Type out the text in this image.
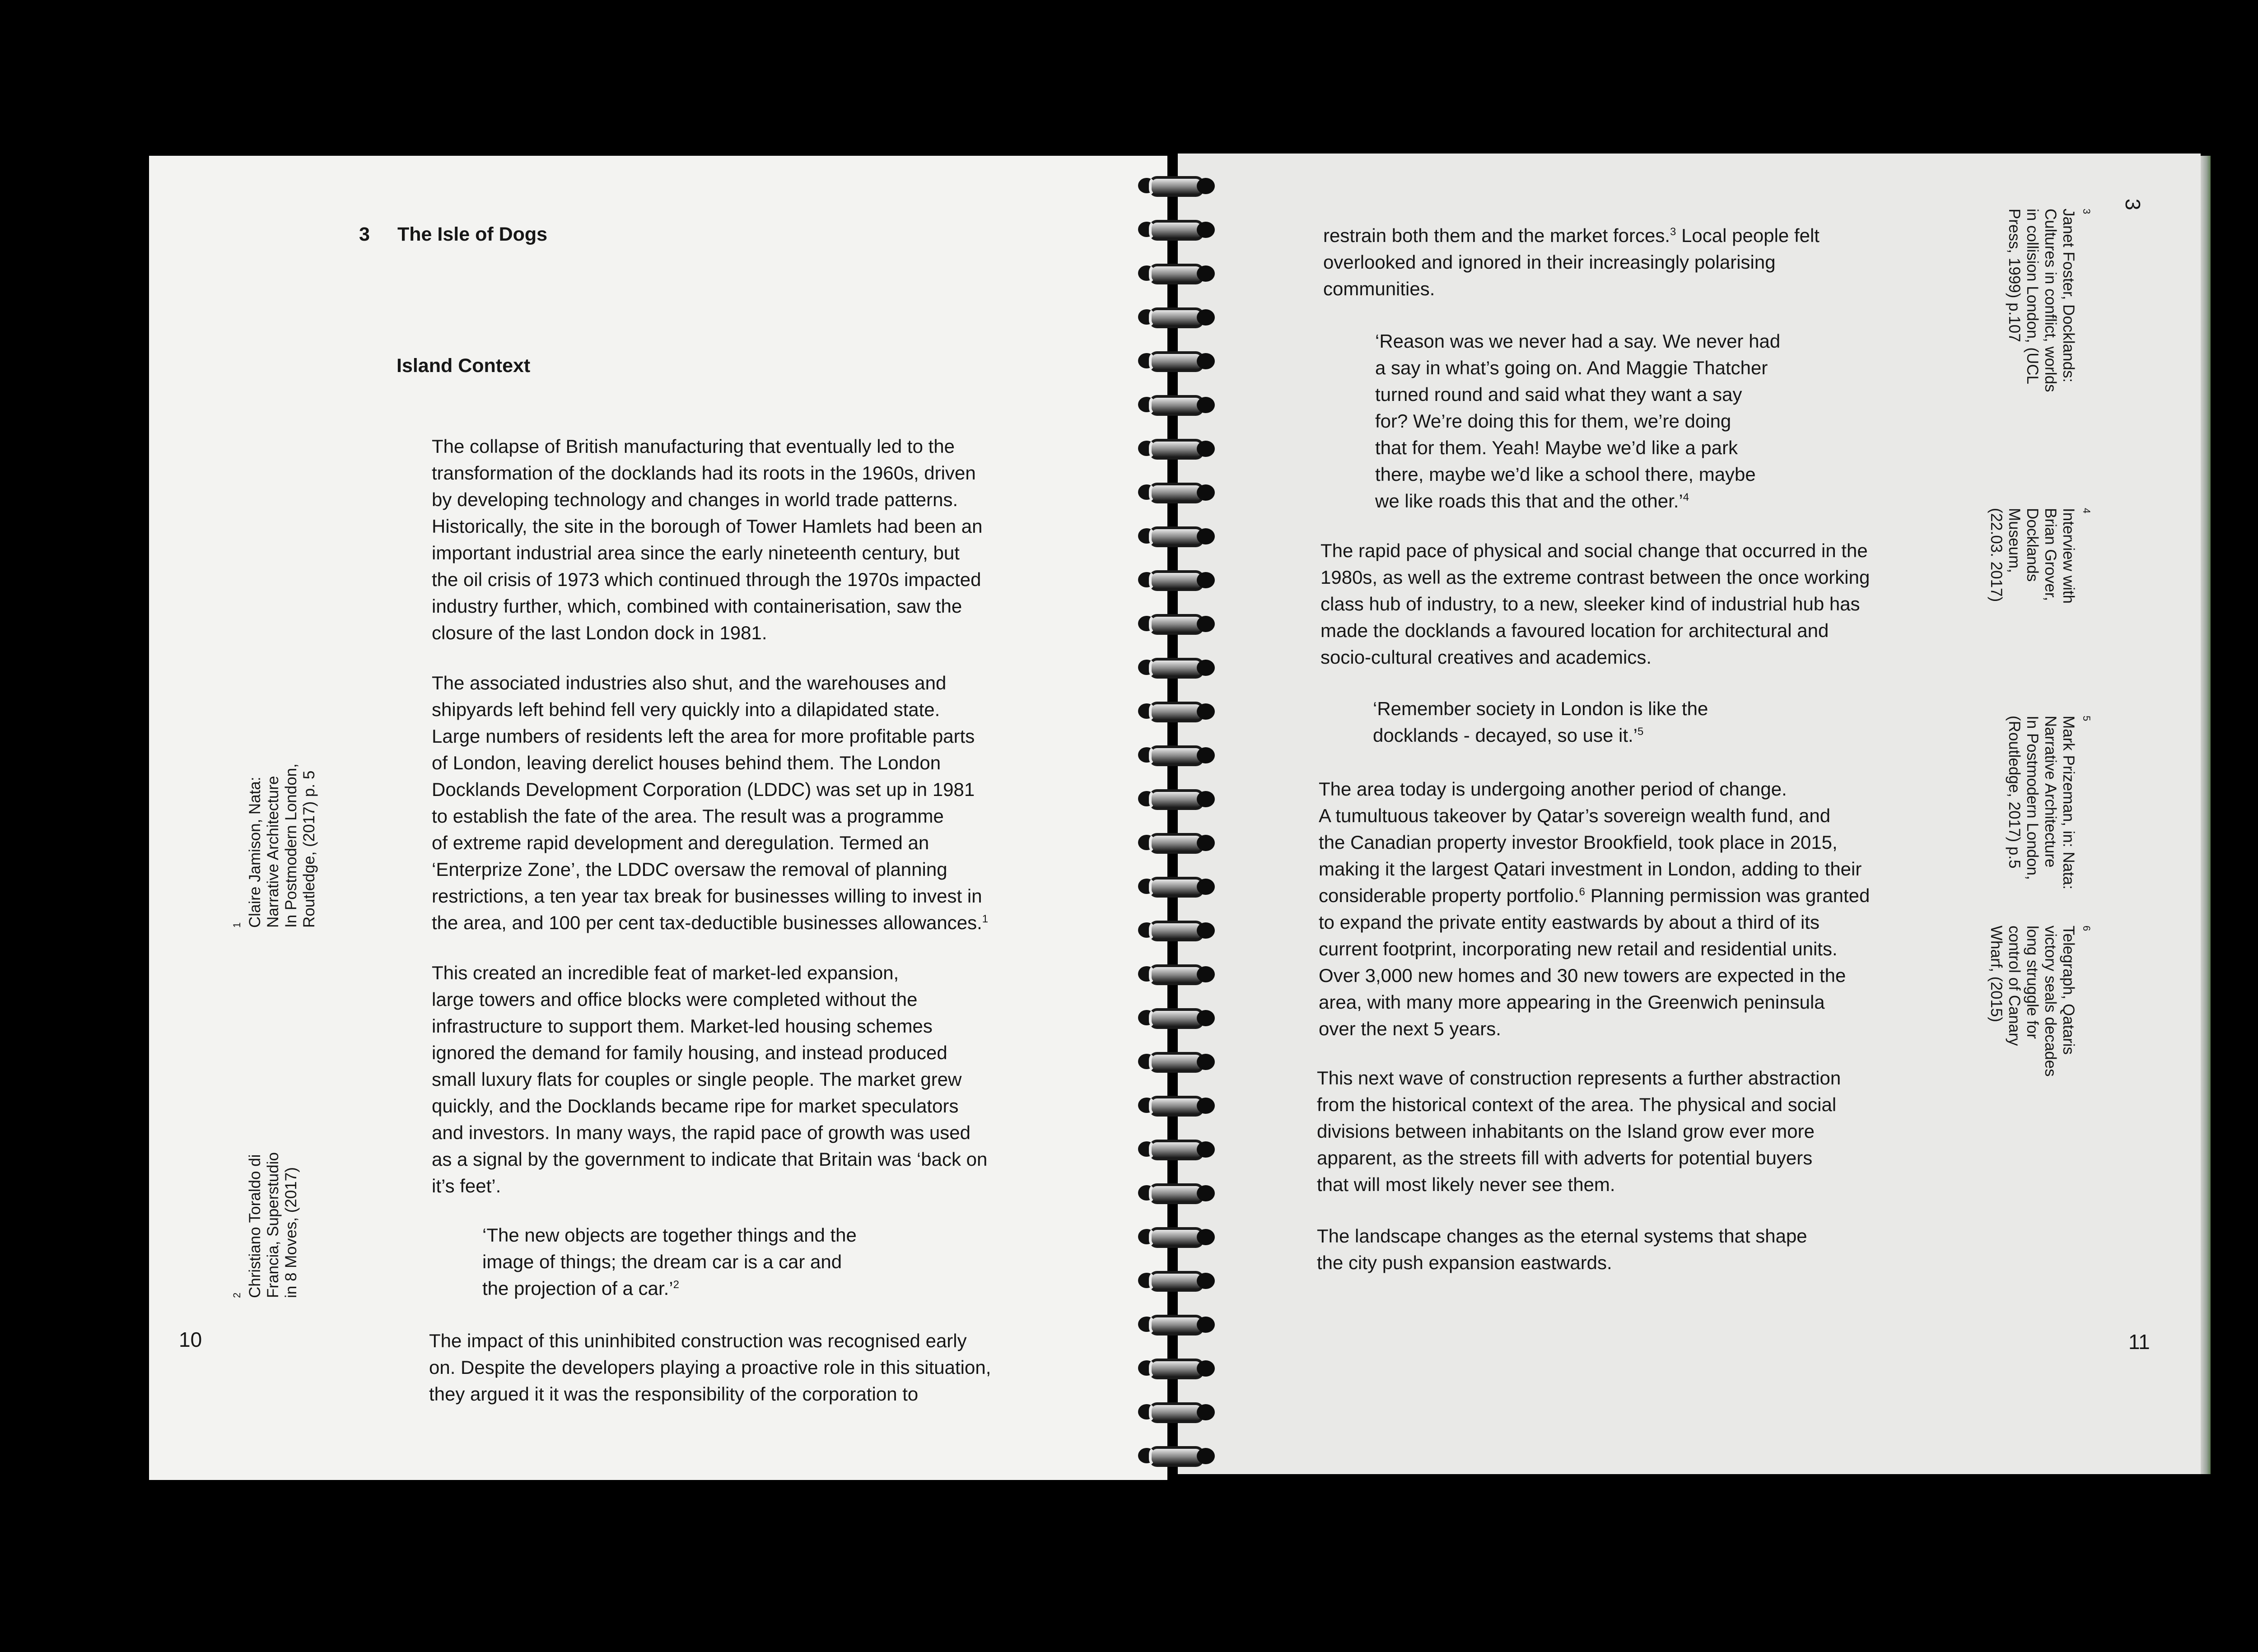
3 The Isle of Dogs
Island Context

The collapse of British manufacturing that eventually led to the
transformation of the docklands had its roots in the 1960s, driven
by developing technology and changes in world trade patterns.
Historically, the site in the borough of Tower Hamlets had been an
important industrial area since the early nineteenth century, but
the oil crisis of 1973 which continued through the 1970s impacted
industry further, which, combined with containerisation, saw the
closure of the last London dock in 1981.

The associated industries also shut, and the warehouses and
shipyards left behind fell very quickly into a dilapidated state.
Large numbers of residents left the area for more profitable parts
of London, leaving derelict houses behind them. The London
Docklands Development Corporation (LDDC) was set up in 1981
to establish the fate of the area. The result was a programme
of extreme rapid development and deregulation. Termed an
‘Enterprize Zone’, the LDDC oversaw the removal of planning
restrictions, a ten year tax break for businesses willing to invest in
the area, and 100 per cent tax-deductible businesses allowances.$^1$

This created an incredible feat of market-led expansion,
large towers and office blocks were completed without the
infrastructure to support them. Market-led housing schemes
ignored the demand for family housing, and instead produced
small luxury flats for couples or single people. The market grew
quickly, and the Docklands became ripe for market speculators
and investors. In many ways, the rapid pace of growth was used
as a signal by the government to indicate that Britain was ‘back on
it’s feet’.

‘The new objects are together things and the
image of things; the dream car is a car and
the projection of a car.’$^2$

The impact of this uninhibited construction was recognised early
on. Despite the developers playing a proactive role in this situation,
they argued it it was the responsibility of the corporation to

10
$^1$ Claire Jamison, Nata:
Narrative Architecture
In Postmodern London,
Routledge, (2017) p. 5
$^2$ Christiano Toraldo di
Francia, Superstudio
in 8 Moves, (2017)

restrain both them and the market forces.$^3$ Local people felt
overlooked and ignored in their increasingly polarising
communities.

‘Reason was we never had a say. We never had
a say in what’s going on. And Maggie Thatcher
turned round and said what they want a say
for? We’re doing this for them, we’re doing
that for them. Yeah! Maybe we’d like a park
there, maybe we’d like a school there, maybe
we like roads this that and the other.’$^4$

The rapid pace of physical and social change that occurred in the
1980s, as well as the extreme contrast between the once working
class hub of industry, to a new, sleeker kind of industrial hub has
made the docklands a favoured location for architectural and
socio-cultural creatives and academics.

‘Remember society in London is like the
docklands - decayed, so use it.’$^5$

The area today is undergoing another period of change.
A tumultuous takeover by Qatar’s sovereign wealth fund, and
the Canadian property investor Brookfield, took place in 2015,
making it the largest Qatari investment in London, adding to their
considerable property portfolio.$^6$ Planning permission was granted
to expand the private entity eastwards by about a third of its
current footprint, incorporating new retail and residential units.
Over 3,000 new homes and 30 new towers are expected in the
area, with many more appearing in the Greenwich peninsula
over the next 5 years.

This next wave of construction represents a further abstraction
from the historical context of the area. The physical and social
divisions between inhabitants on the Island grow ever more
apparent, as the streets fill with adverts for potential buyers
that will most likely never see them.

The landscape changes as the eternal systems that shape
the city push expansion eastwards.

11
3
$^3$
Janet Foster, Docklands:
Cultures in conflict, worlds
in collision London, (UCL
Press, 1999) p.107
$^4$
Interview with
Brian Grover,
Docklands
Museum,
(22.03. 2017)
$^5$
Mark Prizeman, in: Nata:
Narrative Architecture
In Postmodern London,
(Routledge, 2017) p.5
$^6$
Telegraph, Qataris
victory seals decades
long struggle for
control of Canary
Wharf, (2015)
